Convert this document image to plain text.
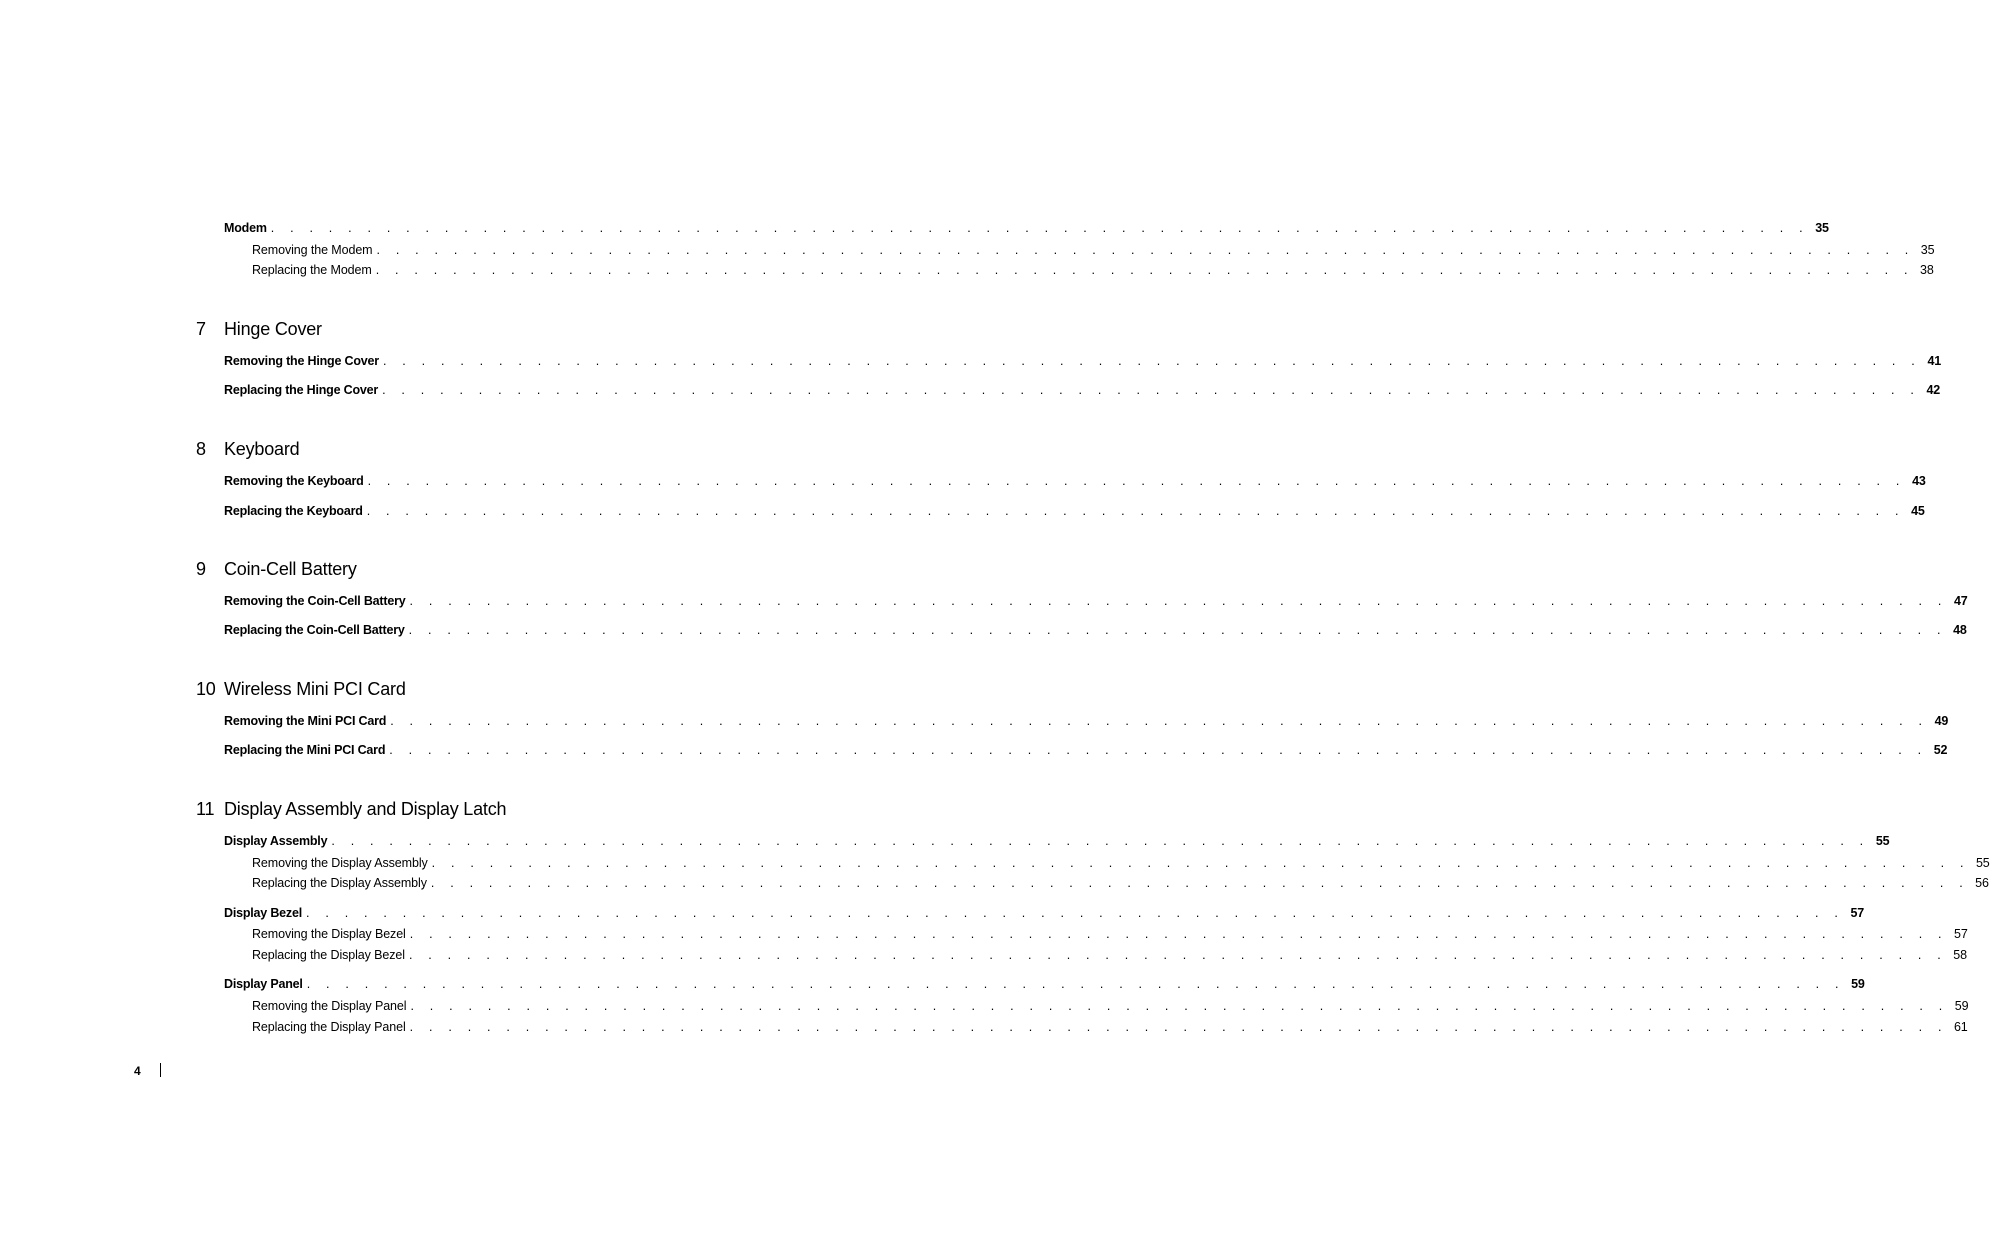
Modem . . . . . . . . . . . . . . . . . . . . . . . . . . . . . . . . . . . . . . . . . . . . . . . . . . . . . . . . . . . . . . . . . . . . . . . . . . . . . . . . 35
Removing the Modem . . . . . . . . . . . . . . . . . . . . . . . . . . . . . . . . . . . . . . . . . . . . . . . . . . . . . . . . . . . . . . . . . . . . . . . . . . . . . . . . 35
Replacing the Modem . . . . . . . . . . . . . . . . . . . . . . . . . . . . . . . . . . . . . . . . . . . . . . . . . . . . . . . . . . . . . . . . . . . . . . . . . . . . . . . . 38
7 Hinge Cover
Removing the Hinge Cover . . . . . . . . . . . . . . . . . . . . . . . . . . . . . . . . . . . . . . . . . . . . . . . . . . . . . . . . . . . . . . . . . . . . . . . . . . . . . . . . 41
Replacing the Hinge Cover . . . . . . . . . . . . . . . . . . . . . . . . . . . . . . . . . . . . . . . . . . . . . . . . . . . . . . . . . . . . . . . . . . . . . . . . . . . . . . . . 42
8 Keyboard
Removing the Keyboard . . . . . . . . . . . . . . . . . . . . . . . . . . . . . . . . . . . . . . . . . . . . . . . . . . . . . . . . . . . . . . . . . . . . . . . . . . . . . . . . 43
Replacing the Keyboard . . . . . . . . . . . . . . . . . . . . . . . . . . . . . . . . . . . . . . . . . . . . . . . . . . . . . . . . . . . . . . . . . . . . . . . . . . . . . . . . 45
9 Coin-Cell Battery
Removing the Coin-Cell Battery . . . . . . . . . . . . . . . . . . . . . . . . . . . . . . . . . . . . . . . . . . . . . . . . . . . . . . . . . . . . . . . . . . . . . . . . . . . . . . . . 47
Replacing the Coin-Cell Battery . . . . . . . . . . . . . . . . . . . . . . . . . . . . . . . . . . . . . . . . . . . . . . . . . . . . . . . . . . . . . . . . . . . . . . . . . . . . . . . . 48
10 Wireless Mini PCI Card
Removing the Mini PCI Card . . . . . . . . . . . . . . . . . . . . . . . . . . . . . . . . . . . . . . . . . . . . . . . . . . . . . . . . . . . . . . . . . . . . . . . . . . . . . . . . 49
Replacing the Mini PCI Card . . . . . . . . . . . . . . . . . . . . . . . . . . . . . . . . . . . . . . . . . . . . . . . . . . . . . . . . . . . . . . . . . . . . . . . . . . . . . . . . 52
11 Display Assembly and Display Latch
Display Assembly . . . . . . . . . . . . . . . . . . . . . . . . . . . . . . . . . . . . . . . . . . . . . . . . . . . . . . . . . . . . . . . . . . . . . . . . . . . . . . . . 55
Removing the Display Assembly . . . . . . . . . . . . . . . . . . . . . . . . . . . . . . . . . . . . . . . . . . . . . . . . . . . . . . . . . . . . . . . . . . . . . . . . . . . . . . . . 55
Replacing the Display Assembly . . . . . . . . . . . . . . . . . . . . . . . . . . . . . . . . . . . . . . . . . . . . . . . . . . . . . . . . . . . . . . . . . . . . . . . . . . . . . . . . 56
Display Bezel . . . . . . . . . . . . . . . . . . . . . . . . . . . . . . . . . . . . . . . . . . . . . . . . . . . . . . . . . . . . . . . . . . . . . . . . . . . . . . . . 57
Removing the Display Bezel . . . . . . . . . . . . . . . . . . . . . . . . . . . . . . . . . . . . . . . . . . . . . . . . . . . . . . . . . . . . . . . . . . . . . . . . . . . . . . . . 57
Replacing the Display Bezel . . . . . . . . . . . . . . . . . . . . . . . . . . . . . . . . . . . . . . . . . . . . . . . . . . . . . . . . . . . . . . . . . . . . . . . . . . . . . . . . 58
Display Panel . . . . . . . . . . . . . . . . . . . . . . . . . . . . . . . . . . . . . . . . . . . . . . . . . . . . . . . . . . . . . . . . . . . . . . . . . . . . . . . . 59
Removing the Display Panel . . . . . . . . . . . . . . . . . . . . . . . . . . . . . . . . . . . . . . . . . . . . . . . . . . . . . . . . . . . . . . . . . . . . . . . . . . . . . . . . 59
Replacing the Display Panel . . . . . . . . . . . . . . . . . . . . . . . . . . . . . . . . . . . . . . . . . . . . . . . . . . . . . . . . . . . . . . . . . . . . . . . . . . . . . . . . 61
4
